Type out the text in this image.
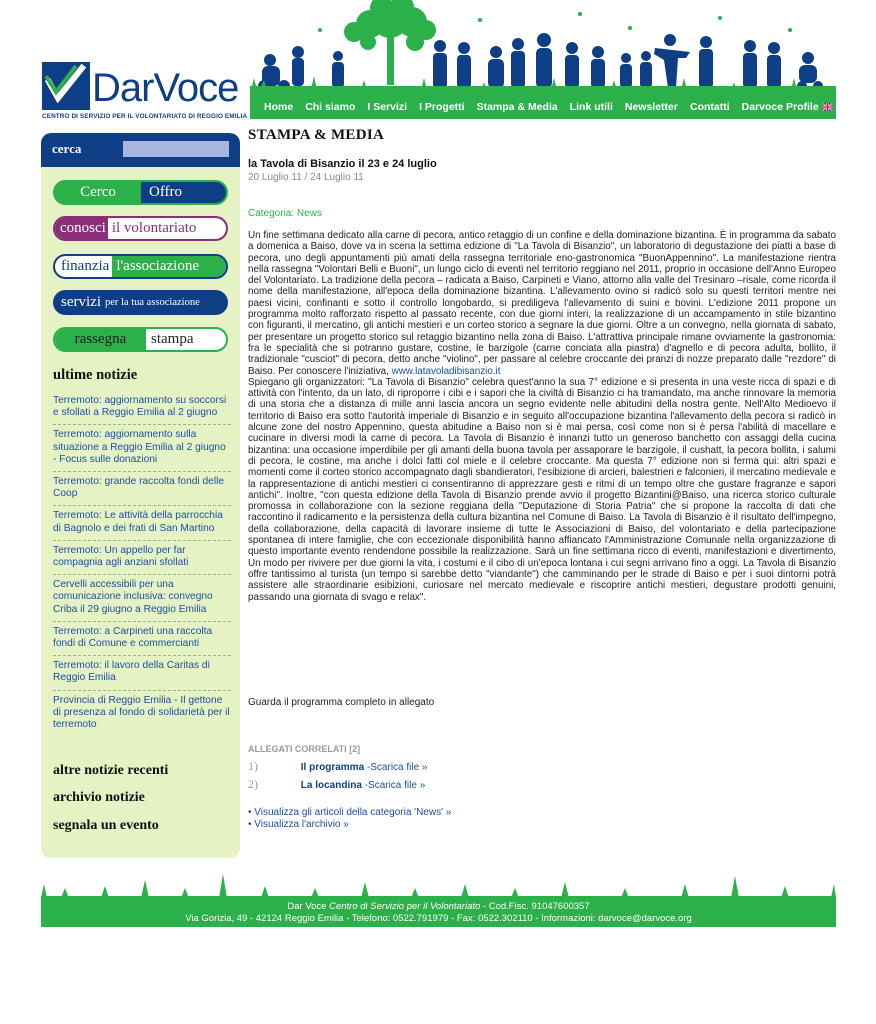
DarVoce
CENTRO DI SERVIZIO PER IL VOLONTARIATO DI REGGIO EMILIA
Home	Chi siamo	I Servizi	I Progetti	Stampa & Media	Link utili	Newsletter	Contatti	Darvoce Profile
cerca
Cerco	Offro
conosci il volontariato
finanzia l'associazione
servizi per la tua associazione
rassegna	stampa
ultime notizie
Terremoto: aggiornamento su soccorsi e sfollati a Reggio Emilia al 2 giugno
Terremoto: aggiornamento sulla situazione a Reggio Emilia al 2 giugno - Focus sulle donazioni
Terremoto: grande raccolta fondi delle Coop
Terremoto: Le attività della parrocchia di Bagnolo e dei frati di San Martino
Terremoto: Un appello per far compagnia agli anziani sfollati
Cervelli accessibili per una comunicazione inclusiva: convegno Criba il 29 giugno a Reggio Emilia
Terremoto: a Carpineti una raccolta fondi di Comune e commercianti
Terremoto: il lavoro della Caritas di Reggio Emilia
Provincia di Reggio Emilia - Il gettone di presenza al fondo di solidarietà per il terremoto
altre notizie recenti
archivio notizie
segnala un evento
STAMPA & MEDIA
la Tavola di Bisanzio il 23 e 24 luglio
20 Luglio 11 / 24 Luglio 11
Categoria: News

Un fine settimana dedicato alla carne di pecora, antico retaggio di un confine e della dominazione bizantina. È in programma da sabato a domenica a Baiso, dove va in scena la settima edizione di "La Tavola di Bisanzio", un laboratorio di degustazione dei piatti a base di pecora, uno degli appuntamenti più amati della rassegna territoriale eno-gastronomica "BuonAppennino". La manifestazione rientra nella rassegna "Volontari Belli e Buoni", un lungo ciclo di eventi nel territorio reggiano nel 2011, proprio in occasione dell'Anno Europeo del Volontariato. La tradizione della pecora – radicata a Baiso, Carpineti e Viano, attorno alla valle del Tresinaro –risale, come ricorda il nome della manifestazione, all'epoca della dominazione bizantina. L'allevamento ovino si radicò solo su questi territori mentre nei paesi vicini, confinanti e sotto il controllo longobardo, si prediligeva l'allevamento di suini e bovini. L'edizione 2011 propone un programma molto rafforzato rispetto al passato recente, con due giorni interi, la realizzazione di un accampamento in stile bizantino con figuranti, il mercatino, gli antichi mestieri e un corteo storico a segnare la due giorni. Oltre a un convegno, nella giornata di sabato, per presentare un progetto storico sul retaggio bizantino nella zona di Baiso. L'attrattiva principale rimane ovviamente la gastronomia: fra le specialità che si potranno gustare, costine, le barzigole (carne conciata alla piastra) d'agnello e di pecora adulta, bollito, il tradizionale "cusciot" di pecora, detto anche "violino", per passare al celebre croccante dei pranzi di nozze preparato dalle "rezdore" di Baiso. Per conoscere l'iniziativa, www.latavoladibisanzio.it

Spiegano gli organizzatori: "La Tavola di Bisanzio" celebra quest'anno la sua 7° edizione e si presenta in una veste ricca di spazi e di attività con l'intento, da un lato, di riproporre i cibi e i sapori che la civiltà di Bisanzio ci ha tramandato, ma anche rinnovare la memoria di una storia che a distanza di mille anni lascia ancora un segno evidente nelle abitudini della nostra gente. Nell'Alto Medioevo il territorio di Baiso era sotto l'autorità imperiale di Bisanzio e in seguito all'occupazione bizantina l'allevamento della pecora si radicò in alcune zone del nostro Appennino, questa abitudine a Baiso non si è mai persa, così come non si è persa l'abilità di macellare e cucinare in diversi modi la carne di pecora. La Tavola di Bisanzio è innanzi tutto un generoso banchetto con assaggi della cucina bizantina: una occasione imperdibile per gli amanti della buona tavola per assaporare le barzigole, il cushatt, la pecora bollita, i salumi di pecora, le costine, ma anche i dolci fatti col miele e il celebre croccante. Ma questa 7° edizione non si ferma qui: altri spazi e momenti come il corteo storico accompagnato dagli sbandieratori, l'esibizione di arcieri, balestrieri e falconieri, il mercatino medievale e la rappresentazione di antichi mestieri ci consentiranno di apprezzare gesti e ritmi di un tempo oltre che gustare fragranze e sapori antichi". Inoltre, "con questa edizione della Tavola di Bisanzio prende avvio il progetto Bizantini@Baiso, una ricerca storico culturale promossa in collaborazione con la sezione reggiana della "Deputazione di Storia Patria" che si propone la raccolta di dati che raccontino il radicamento e la persistenza della cultura bizantina nel Comune di Baiso. La Tavola di Bisanzio è il risultato dell'impegno, della collaborazione, della capacità di lavorare insieme di tutte le Associazioni di Baiso, del volontariato e della partecipazione spontanea di intere famiglie, che con eccezionale disponibilità hanno affiancato l'Amministrazione Comunale nella organizzazione di questo importante evento rendendone possibile la realizzazione. Sarà un fine settimana ricco di eventi, manifestazioni e divertimento, Un modo per rivivere per due giorni la vita, i costumi e il cibo di un'epoca lontana i cui segni arrivano fino a oggi. La Tavola di Bisanzio offre tantissimo al turista (un tempo si sarebbe detto "viandante") che camminando per le strade di Baiso e per i suoi dintorni potrà assistere alle straordinarie esibizioni, curiosare nel mercato medievale e riscoprire antichi mestieri, degustare prodotti genuini, passando una giornata di svago e relax".

Guarda il programma completo in allegato
ALLEGATI CORRELATI [2]
1)	Il programma -Scarica file »
2)	La locandina -Scarica file »
• Visualizza gli articoli della categoria 'News' »
• Visualizza l'archivio »
Dar Voce Centro di Servizio per il Volontariato - Cod.Fisc. 91047600357
Via Gorizia, 49 - 42124 Reggio Emilia - Telefono: 0522.791979 - Fax: 0522.302110 - Informazioni: darvoce@darvoce.org
